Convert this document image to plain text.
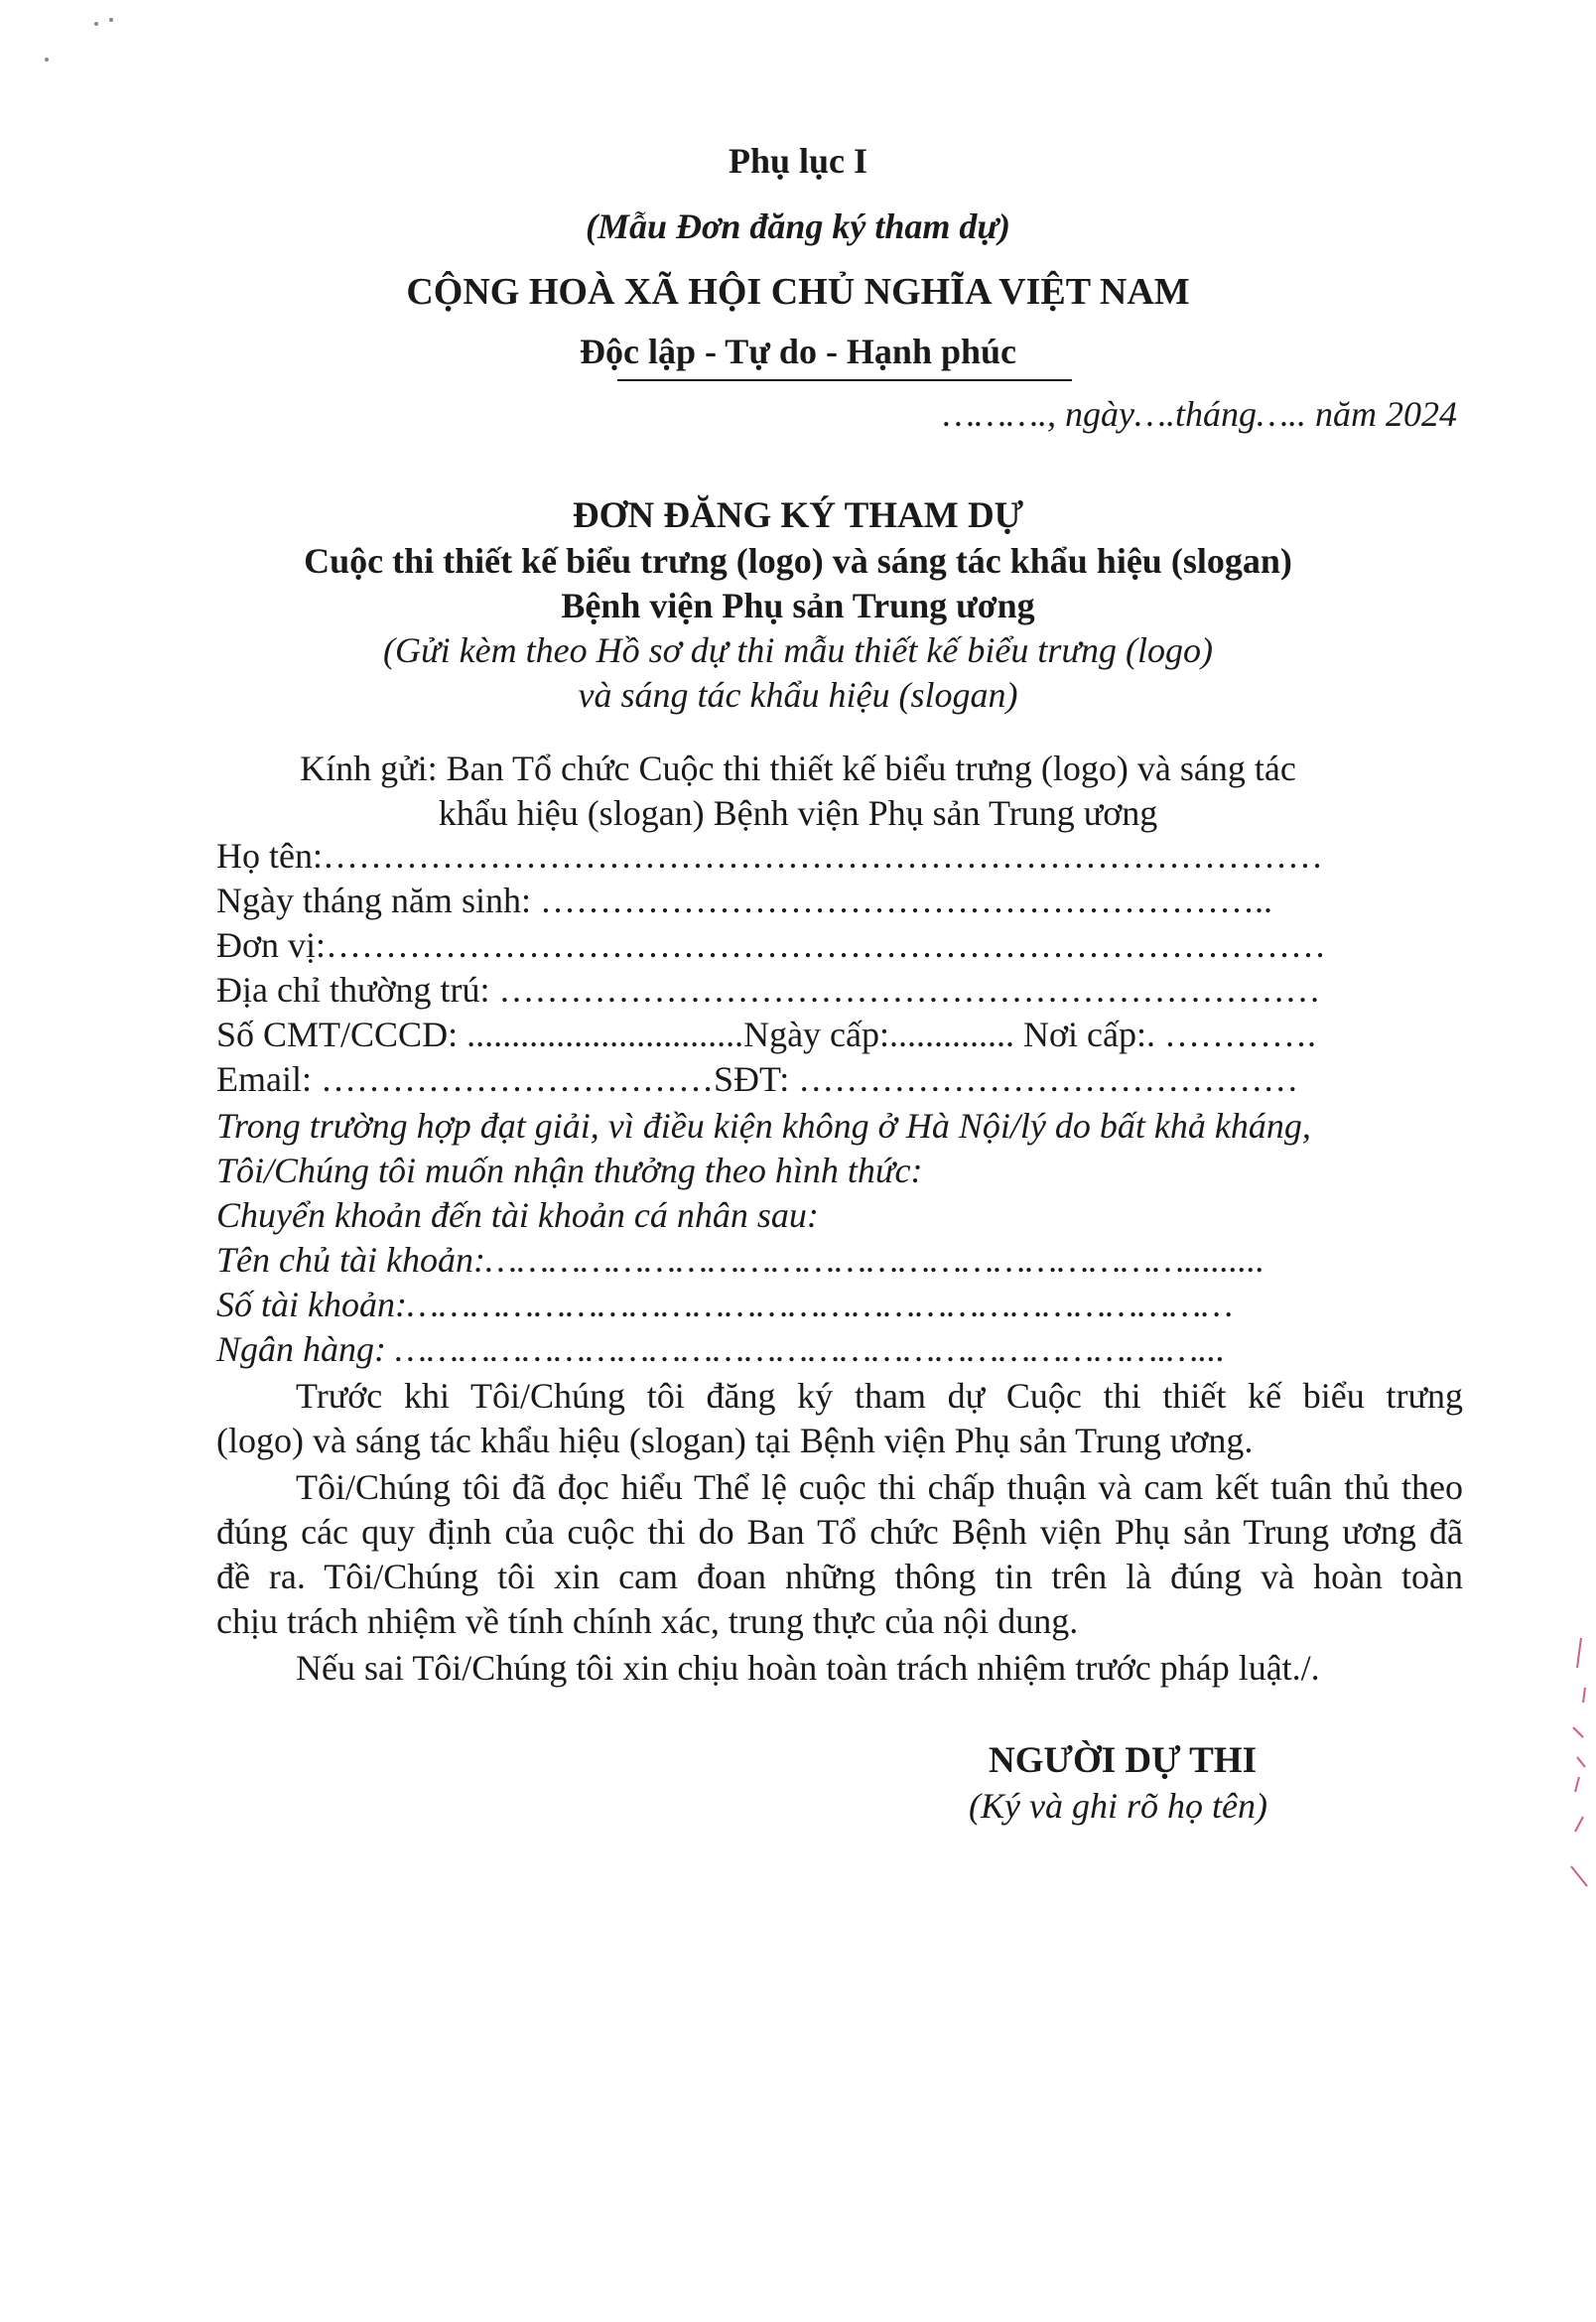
Phụ lục I
(Mẫu Đơn đăng ký tham dự)
CỘNG HOÀ XÃ HỘI CHỦ NGHĨA VIỆT NAM
Độc lập - Tự do - Hạnh phúc
………., ngày….tháng….. năm 2024
ĐƠN ĐĂNG KÝ THAM DỰ
Cuộc thi thiết kế biểu trưng (logo) và sáng tác khẩu hiệu (slogan)
Bệnh viện Phụ sản Trung ương
(Gửi kèm theo Hồ sơ dự thi mẫu thiết kế biểu trưng (logo)
và sáng tác khẩu hiệu (slogan)
Kính gửi: Ban Tổ chức Cuộc thi thiết kế biểu trưng (logo) và sáng tác
khẩu hiệu (slogan) Bệnh viện Phụ sản Trung ương
Họ tên:…………………………………………………………………………
Ngày tháng năm sinh: ……………………………………………………..
Đơn vị:…………………………………………………………………………
Địa chỉ thường trú: ……………………………………………………………
Số CMT/CCCD: ...............................Ngày cấp:.............. Nơi cấp:. ………….
Email: ……………………………SĐT: ……………………………………
Trong trường hợp đạt giải, vì điều kiện không ở Hà Nội/lý do bất khả kháng,
Tôi/Chúng tôi muốn nhận thưởng theo hình thức:
Chuyển khoản đến tài khoản cá nhân sau:
Tên chủ tài khoản:………………………………………………………….........
Số tài khoản:……………………………………………………………………
Ngân hàng: ……………………………………………………………….…...
Trước khi Tôi/Chúng tôi đăng ký tham dự Cuộc thi thiết kế biểu trưng
(logo) và sáng tác khẩu hiệu (slogan) tại Bệnh viện Phụ sản Trung ương.
Tôi/Chúng tôi đã đọc hiểu Thể lệ cuộc thi chấp thuận và cam kết tuân thủ theo
đúng các quy định của cuộc thi do Ban Tổ chức Bệnh viện Phụ sản Trung ương đã
đề ra. Tôi/Chúng tôi xin cam đoan những thông tin trên là đúng và hoàn toàn
chịu trách nhiệm về tính chính xác, trung thực của nội dung.
Nếu sai Tôi/Chúng tôi xin chịu hoàn toàn trách nhiệm trước pháp luật./.
NGƯỜI DỰ THI
(Ký và ghi rõ họ tên)
